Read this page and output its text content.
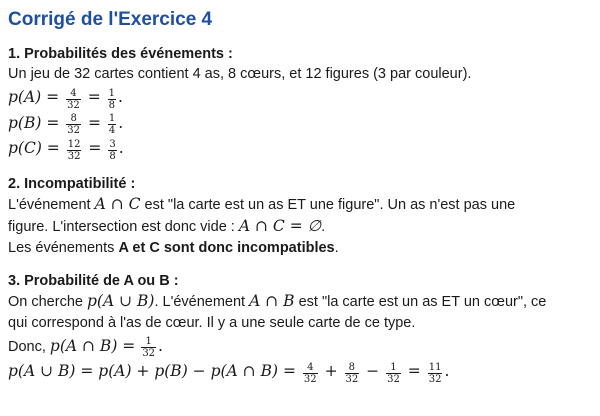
Corrigé de l'Exercice 4

1. Probabilités des événements :

Un jeu de 32 cartes contient 4 as, 8 cœurs, et 12 figures (3 par couleur).

$p(A) = \frac{4}{32} = \frac{1}{8}$ .

$p(B) = \frac{8}{32} = \frac{1}{4}$ .

$p(C) = \frac{12}{32} = \frac{3}{8}$ .

2. Incompatibilité :

L'événement A ∩ C est "la carte est un as ET une figure". Un as n'est pas une

figure. L'intersection est donc vide : A ∩ C = ∅.

Les événements A et C sont donc incompatibles.

3. Probabilité de A ou B :

On cherche p(A ∪ B). L'événement A ∩ B est "la carte est un as ET un cœur", ce

qui correspond à l'as de cœur. Il y a une seule carte de ce type.

Donc, p(A ∩ $B) = \frac{1}{32}$ .

p(A ∪ B) = p(A) + p(B) − p(A ∩ $B) = \frac{4}{32} + \frac{8}{32} - \frac{1}{32} = \frac{11}{32}$ .
